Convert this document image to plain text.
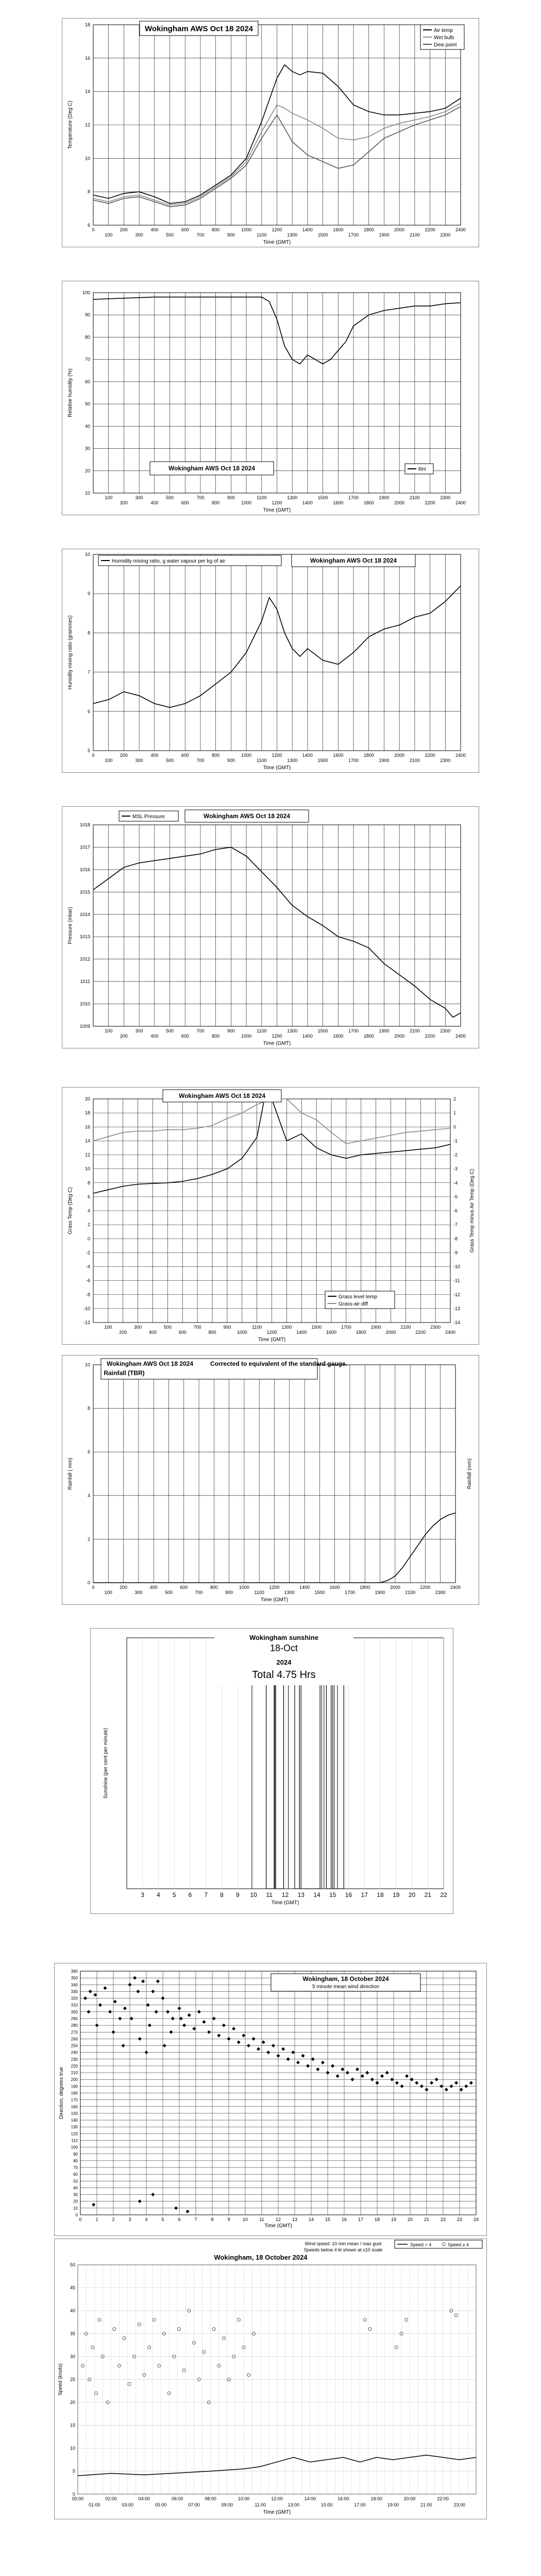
6
8
10
12
14
16
18
0
100
200
300
400
500
600
700
800
900
1000
1100
1200
1300
1400
1500
1600
1700
1800
1900
2000
2100
2200
2300
2400
Time (GMT)
Temperature (Deg C)
Wokingham AWS Oct 18 2024	Air temp
Wet bulb
Dew point
10
20
30
40
50
60
70
80
90
100
100
200
300
400
500
600
700
800
900
1000
1100
1200
1300
1400
1500
1600
1700
1800
1900
2000
2100
2200
2300
2400
Time (GMT)
Relative humidity (%)
Wokingham AWS Oct 18 2024	RH
5
6
7
8
9
10
0
100
200
300
400
500
600
700
800
900
1000
1100
1200
1300
1400
1500
1600
1700
1800
1900
2000
2100
2200
2300
2400
Time (GMT)
Humidity mixing ratio (grammes)
Humidity mixing ratio, g water vapour per kg of air	Wokingham AWS Oct 18 2024
1009
1010
1011
1012
1013
1014
1015
1016
1017
1018
100
200
300
400
500
600
700
800
900
1000
1100
1200
1300
1400
1500
1600
1700
1800
1900
2000
2100
2200
2300
2400
Time (GMT)
Pressure (mbar)
MSL Pressure	Wokingham AWS Oct 18 2024
-12
-10
-8
-6
-4
-2
0
2
4
6
8
10
12
14
16
18
20
100
200
300
400
500
600
700
800
900
1000
1100
1200
1300
1400
1500
1600
1700
1800
1900
2000
2100
2200
2300
2400
Time (GMT)
Grass Temp (Deg C)
-14
-13
-12
-11
-10
-9
-8
-7
-6
-5
-4
-3
-2
-1
0
1
2
Grass Temp minus Air Temp (Deg C)
Wokingham AWS Oct 18 2024
Grass level temp
Grass-air diff
0
2
4
6
8
10
0
100
200
300
400
500
600
700
800
900
1000
1100
1200
1300
1400
1500
1600
1700
1800
1900
2000
2100
2200
2300
2400
Time (GMT)
Rainfall ( mm)	Rainfall (mm)
Wokingham AWS Oct 18 2024
Rainfall (TBR)
Corrected to equivalent of the standard gauge.
3 4 5 6 7 8 9 10 11 12 13 14 15 16 17 18 19 20 21 22
Time (GMT)
Sunshine (per cent per minute)
Wokingham sunshine
18-Oct
2024
Total 4.75 Hrs
0
10
20
30
40
50
60
70
80
90
100
110
120
130
140
150
160
170
180
190
200
210
220
230
240
250
260
270
280
290
300
310
320
330
340
350
360
0	1	2	3	4	5	6	7	8	9	10 11 12 13 14 15 16 17 18 19 20 21 22 23 24
Time (GMT)
Direction, degrees true
Wokingham, 18 October 2024
5 minute mean wind direction
0
5
10
15
20
25
30
35
40
45
50
00:00	02:00	04:00	06:00	08:00	10:00	12:00	14:00	16:00	18:00	20:00	22:00
01:00	03:00	05:00	07:00	09:00	11:00	13:00	15:00	17:00	19:00	21:00	23:00
Time (GMT)
Speed (knots)
Wokingham, 18 October 2024
Wind speed: 10 min mean / max gust
Speeds below 4 kt shown at x10 scale
Speed < 4	Speed ≥ 4
